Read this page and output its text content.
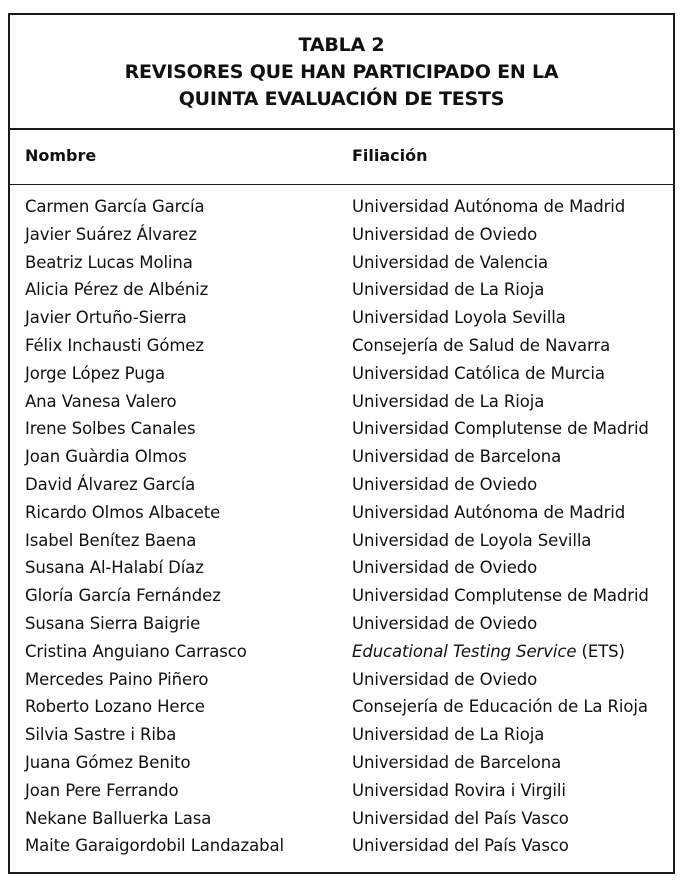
TABLA 2
REVISORES QUE HAN PARTICIPADO EN LA
QUINTA EVALUACIÓN DE TESTS
Nombre	Filiación
Carmen García García	Universidad Autónoma de Madrid
Javier Suárez Álvarez	Universidad de Oviedo
Beatriz Lucas Molina	Universidad de Valencia
Alicia Pérez de Albéniz	Universidad de La Rioja
Javier Ortuño-Sierra	Universidad Loyola Sevilla
Félix Inchausti Gómez	Consejería de Salud de Navarra
Jorge López Puga	Universidad Católica de Murcia
Ana Vanesa Valero	Universidad de La Rioja
Irene Solbes Canales	Universidad Complutense de Madrid
Joan Guàrdia Olmos	Universidad de Barcelona
David Álvarez García	Universidad de Oviedo
Ricardo Olmos Albacete	Universidad Autónoma de Madrid
Isabel Benítez Baena	Universidad de Loyola Sevilla
Susana Al-Halabí Díaz	Universidad de Oviedo
Gloría García Fernández	Universidad Complutense de Madrid
Susana Sierra Baigrie	Universidad de Oviedo
Cristina Anguiano Carrasco	Educational Testing Service (ETS)
Mercedes Paino Piñero	Universidad de Oviedo
Roberto Lozano Herce	Consejería de Educación de La Rioja
Silvia Sastre i Riba	Universidad de La Rioja
Juana Gómez Benito	Universidad de Barcelona
Joan Pere Ferrando	Universidad Rovira i Virgili
Nekane Balluerka Lasa	Universidad del País Vasco
Maite Garaigordobil Landazabal	Universidad del País Vasco
